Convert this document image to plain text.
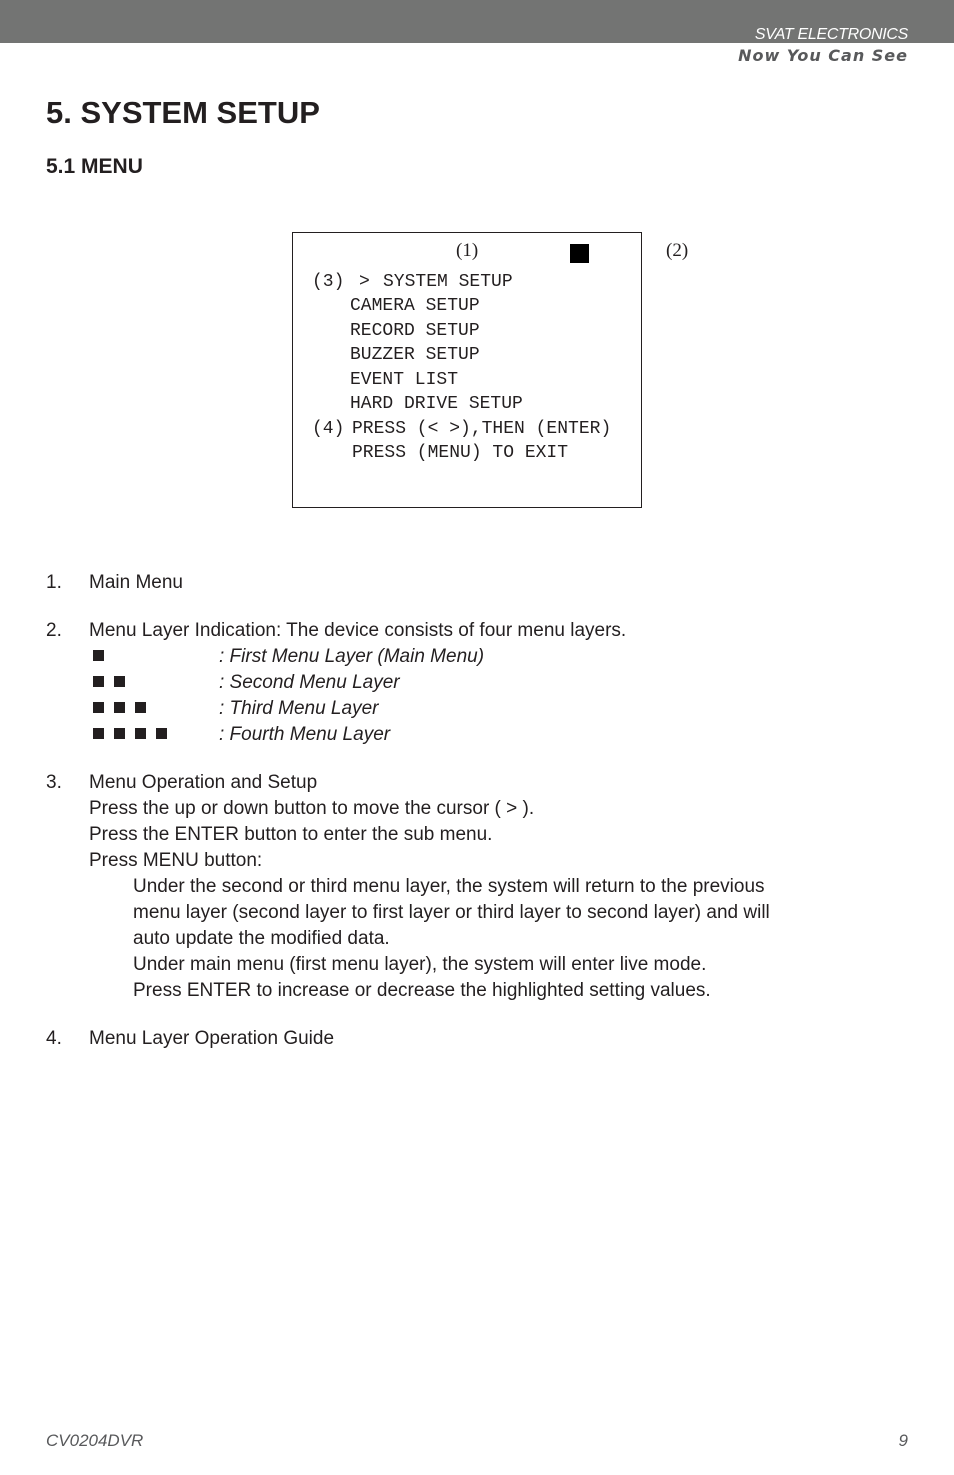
SVAT ELECTRONICS
Now You Can See
5. SYSTEM SETUP
5.1 MENU
(1)
(3) > SYSTEM SETUP
CAMERA SETUP
RECORD SETUP
BUZZER SETUP
EVENT LIST
HARD DRIVE SETUP
(4) PRESS (< >),THEN (ENTER)
PRESS (MENU) TO EXIT
(2)
1. Main Menu
2. Menu Layer Indication: The device consists of four menu layers.
: First Menu Layer (Main Menu)
: Second Menu Layer
: Third Menu Layer
: Fourth Menu Layer
3. Menu Operation and Setup
Press the up or down button to move the cursor ( > ).
Press the ENTER button to enter the sub menu.
Press MENU button:
Under the second or third menu layer, the system will return to the previous
menu layer (second layer to first layer or third layer to second layer) and will
auto update the modified data.
Under main menu (first menu layer), the system will enter live mode.
Press ENTER to increase or decrease the highlighted setting values.
4. Menu Layer Operation Guide
CV0204DVR	9
